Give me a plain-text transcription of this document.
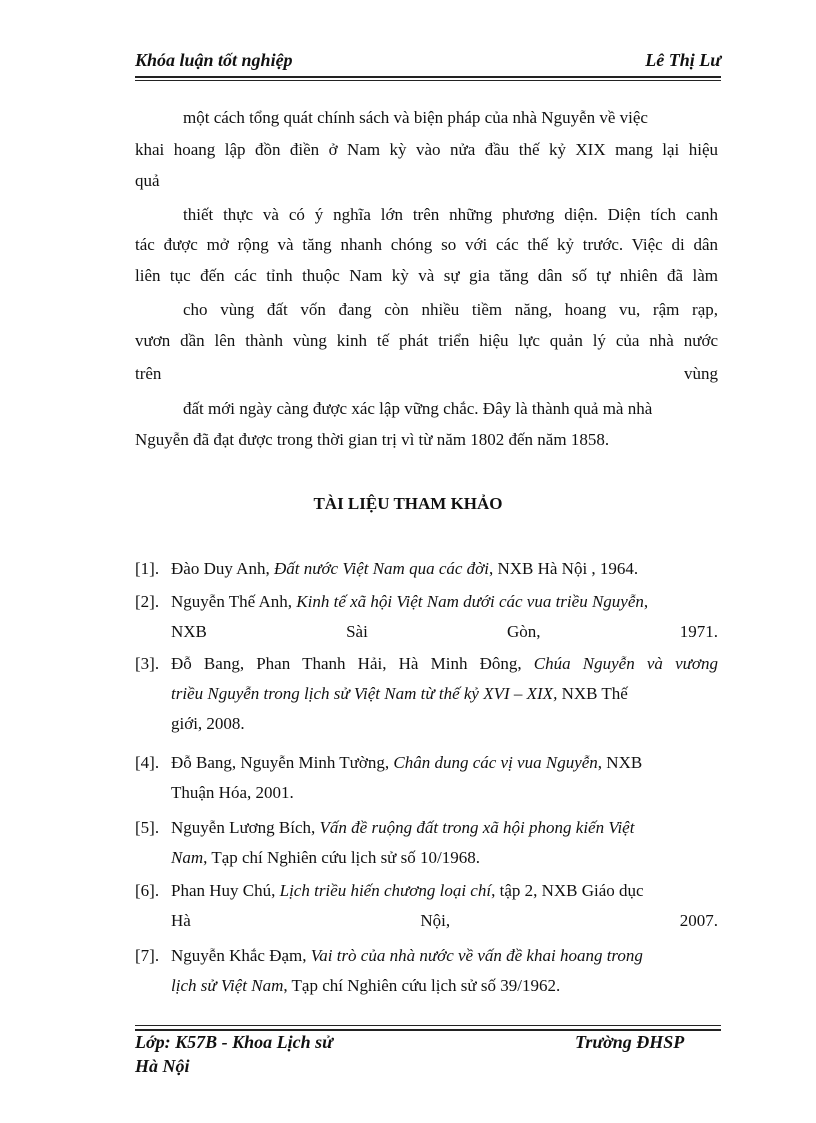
Khóa luận tốt nghiệp	Lê Thị Lư
một cách tổng quát chính sách và biện pháp của nhà Nguyễn về việc
khai hoang lập đồn điền ở Nam kỳ vào nửa đầu thế kỷ XIX mang lại hiệu
quả
thiết thực và có ý nghĩa lớn trên những phương diện. Diện tích canh
tác được mở rộng và tăng nhanh chóng so với các thế kỷ trước. Việc di dân
liên tục đến các tỉnh thuộc Nam kỳ và sự gia tăng dân số tự nhiên đã làm
cho vùng đất vốn đang còn nhiều tiềm năng, hoang vu, rậm rạp,
vươn dần lên thành vùng kinh tế phát triển hiệu lực quản lý của nhà nước
trên	vùng
đất mới ngày càng được xác lập vững chắc. Đây là thành quả mà nhà
Nguyễn đã đạt được trong thời gian trị vì từ năm 1802 đến năm 1858.
TÀI LIỆU THAM KHẢO
[1]. Đào Duy Anh, Đất nước Việt Nam qua các đời, NXB Hà Nội , 1964.
[2]. Nguyễn Thế Anh, Kinh tế xã hội Việt Nam dưới các vua triều Nguyễn,
NXB	Sài	Gòn,	1971.
[3]. Đỗ Bang, Phan Thanh Hải, Hà Minh Đông, Chúa Nguyễn và vương
triều Nguyễn trong lịch sử Việt Nam từ thế kỷ XVI – XIX, NXB Thế
giới, 2008.
[4]. Đỗ Bang, Nguyễn Minh Tường, Chân dung các vị vua Nguyễn, NXB
Thuận Hóa, 2001.
[5]. Nguyễn Lương Bích, Vấn đề ruộng đất trong xã hội phong kiến Việt
Nam, Tạp chí Nghiên cứu lịch sử số 10/1968.
[6]. Phan Huy Chú, Lịch triều hiến chương loại chí, tập 2, NXB Giáo dục
Hà	Nội,	2007.
[7]. Nguyễn Khắc Đạm, Vai trò của nhà nước về vấn đề khai hoang trong
lịch sử Việt Nam, Tạp chí Nghiên cứu lịch sử số 39/1962.
Lớp: K57B - Khoa Lịch sử	Trường ĐHSP
Hà Nội
